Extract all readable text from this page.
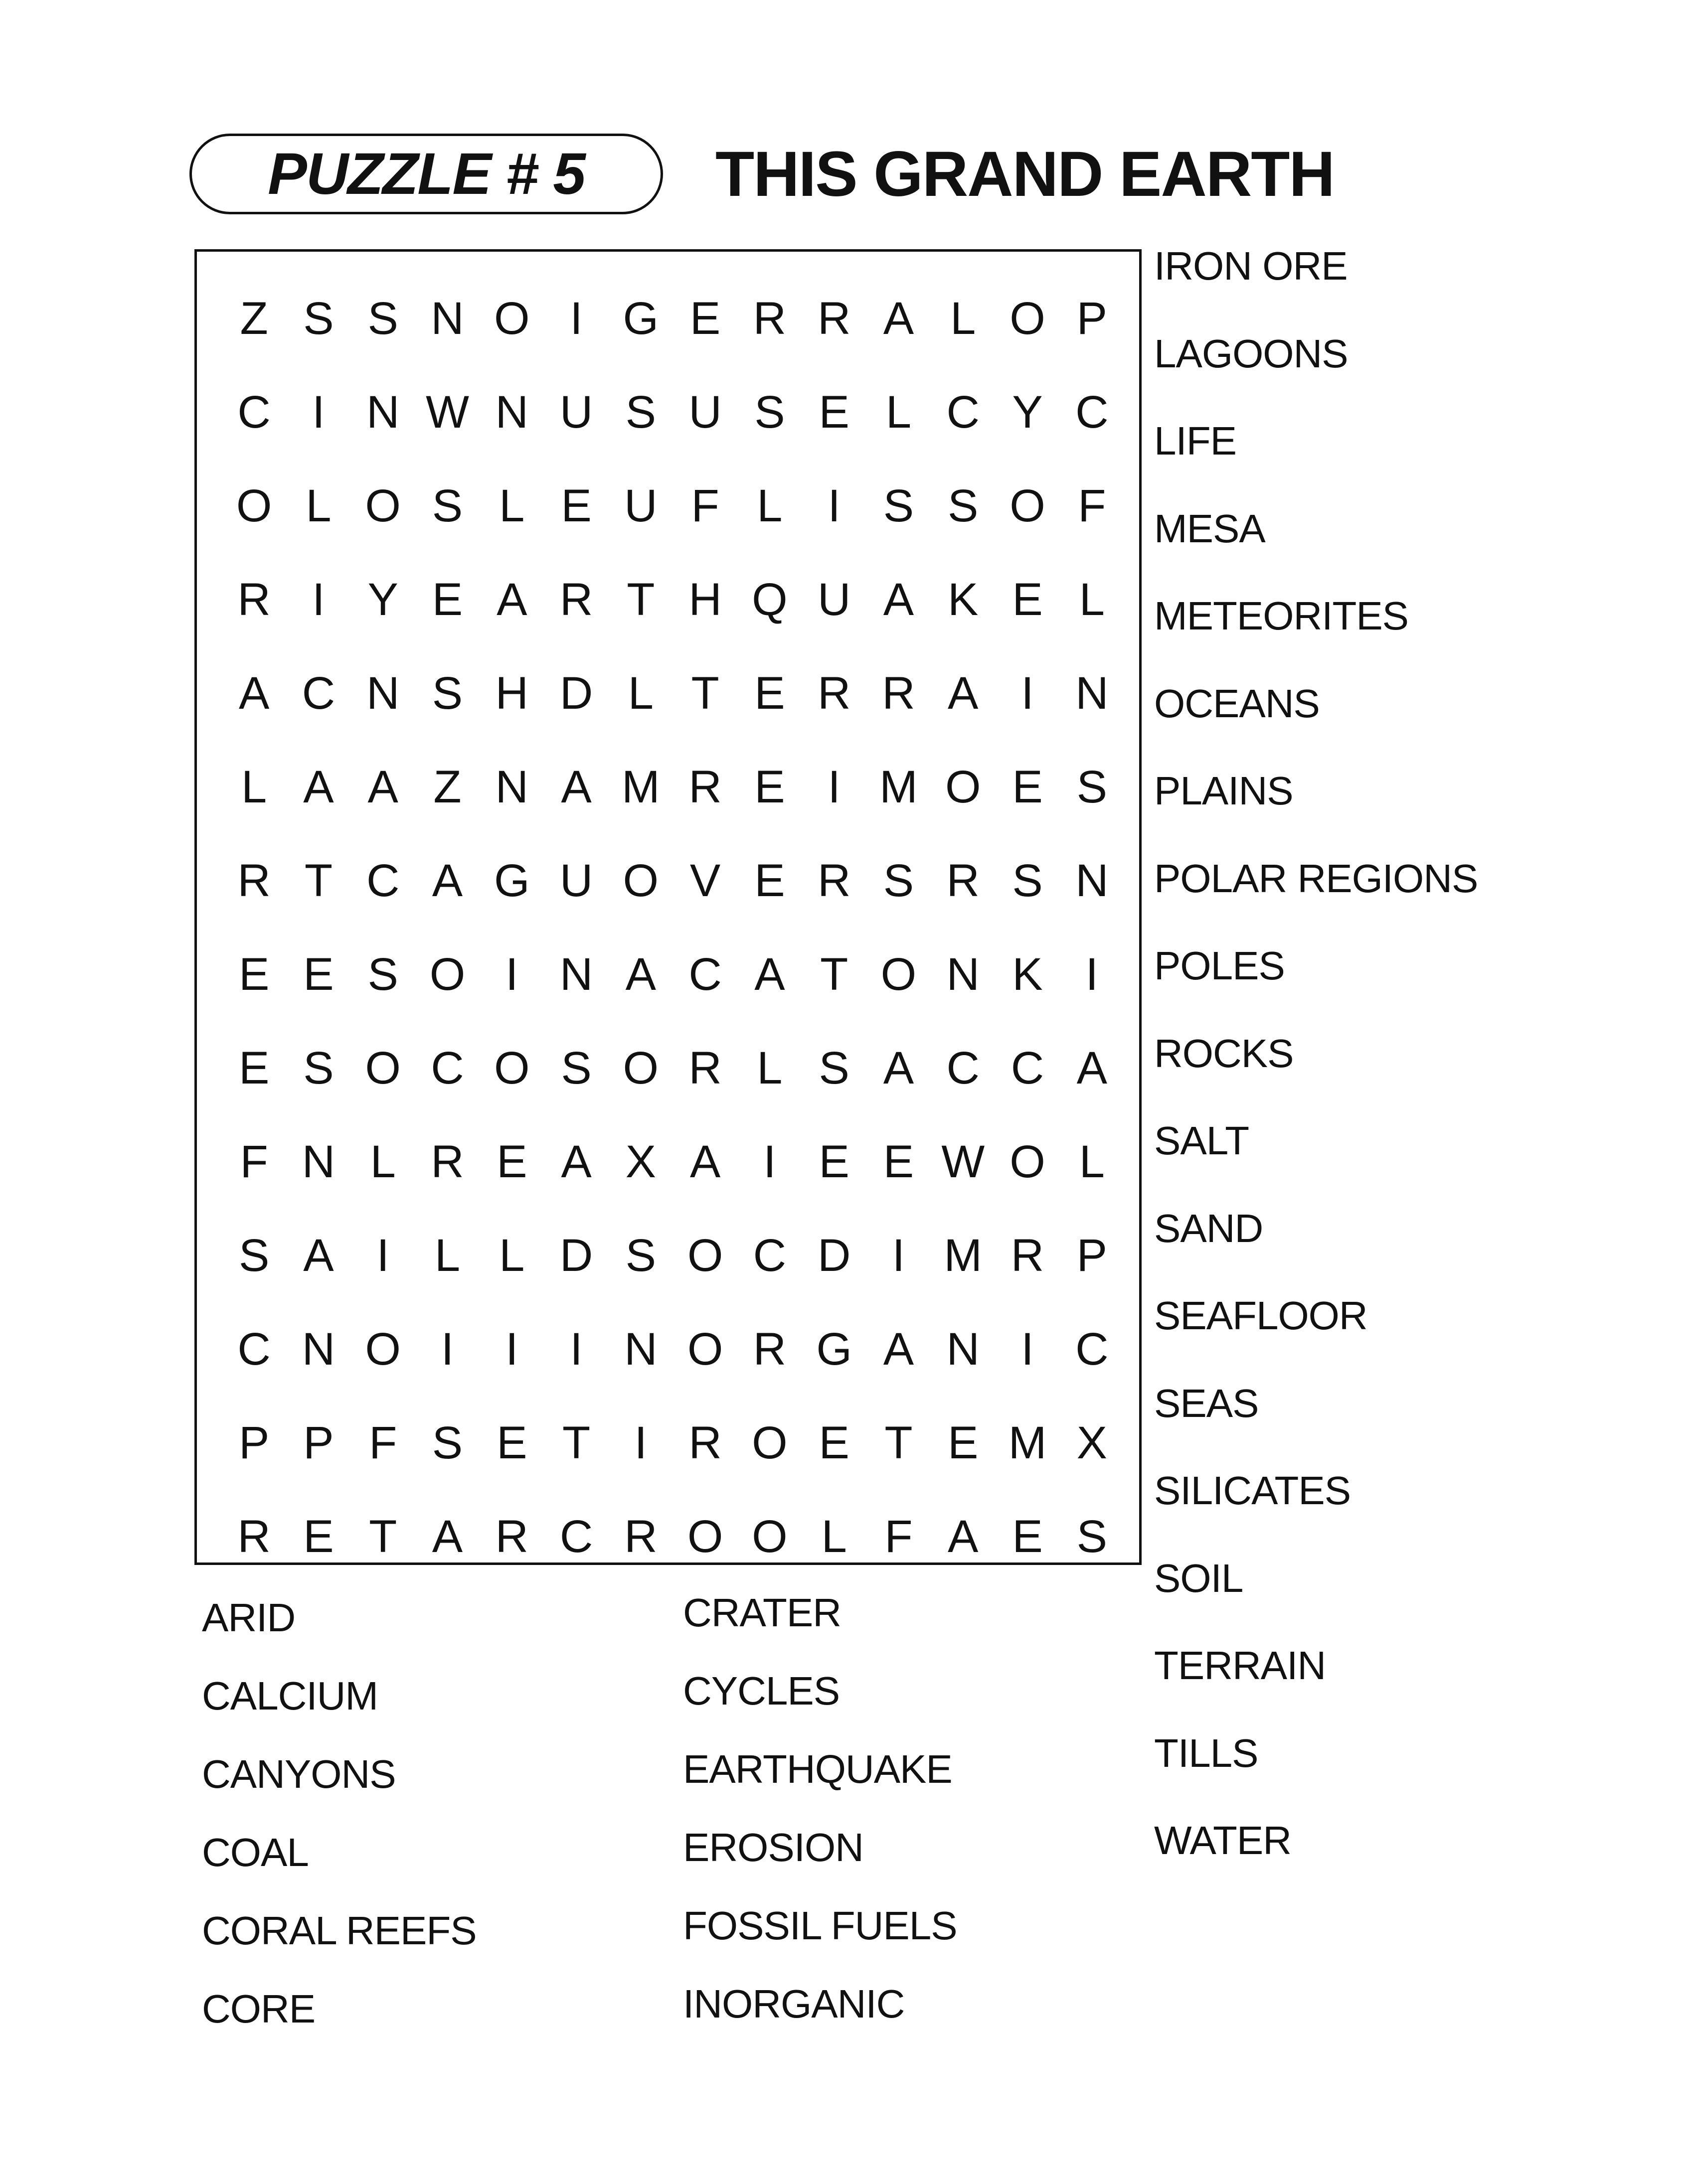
PUZZLE # 5 THIS GRAND EARTH
Z S S N O I G E R R A L O P
C I N W N U S U S E L C Y C
O L O S L E U F L I S S O F
R I Y E A R T H Q U A K E L
A C N S H D L T E R R A I N
L A A Z N A M R E I M O E S
R T C A G U O V E R S R S N
E E S O I N A C A T O N K I
E S O C O S O R L S A C C A
F N L R E A X A I E E W O L
S A I L L D S O C D I M R P
C N O I	I	I N O R G A N I C
P P F S E T I R O E T E M X
R E T A R C R O O L F A E S
ARID
CALCIUM
CANYONS
COAL
CORAL REEFS
CORE
CRATER
CYCLES
EARTHQUAKE
EROSION
FOSSIL FUELS
INORGANIC
IRON ORE
LAGOONS
LIFE
MESA
METEORITES
OCEANS
PLAINS
POLAR REGIONS
POLES
ROCKS
SALT
SAND
SEAFLOOR
SEAS
SILICATES
SOIL
TERRAIN
TILLS
WATER
